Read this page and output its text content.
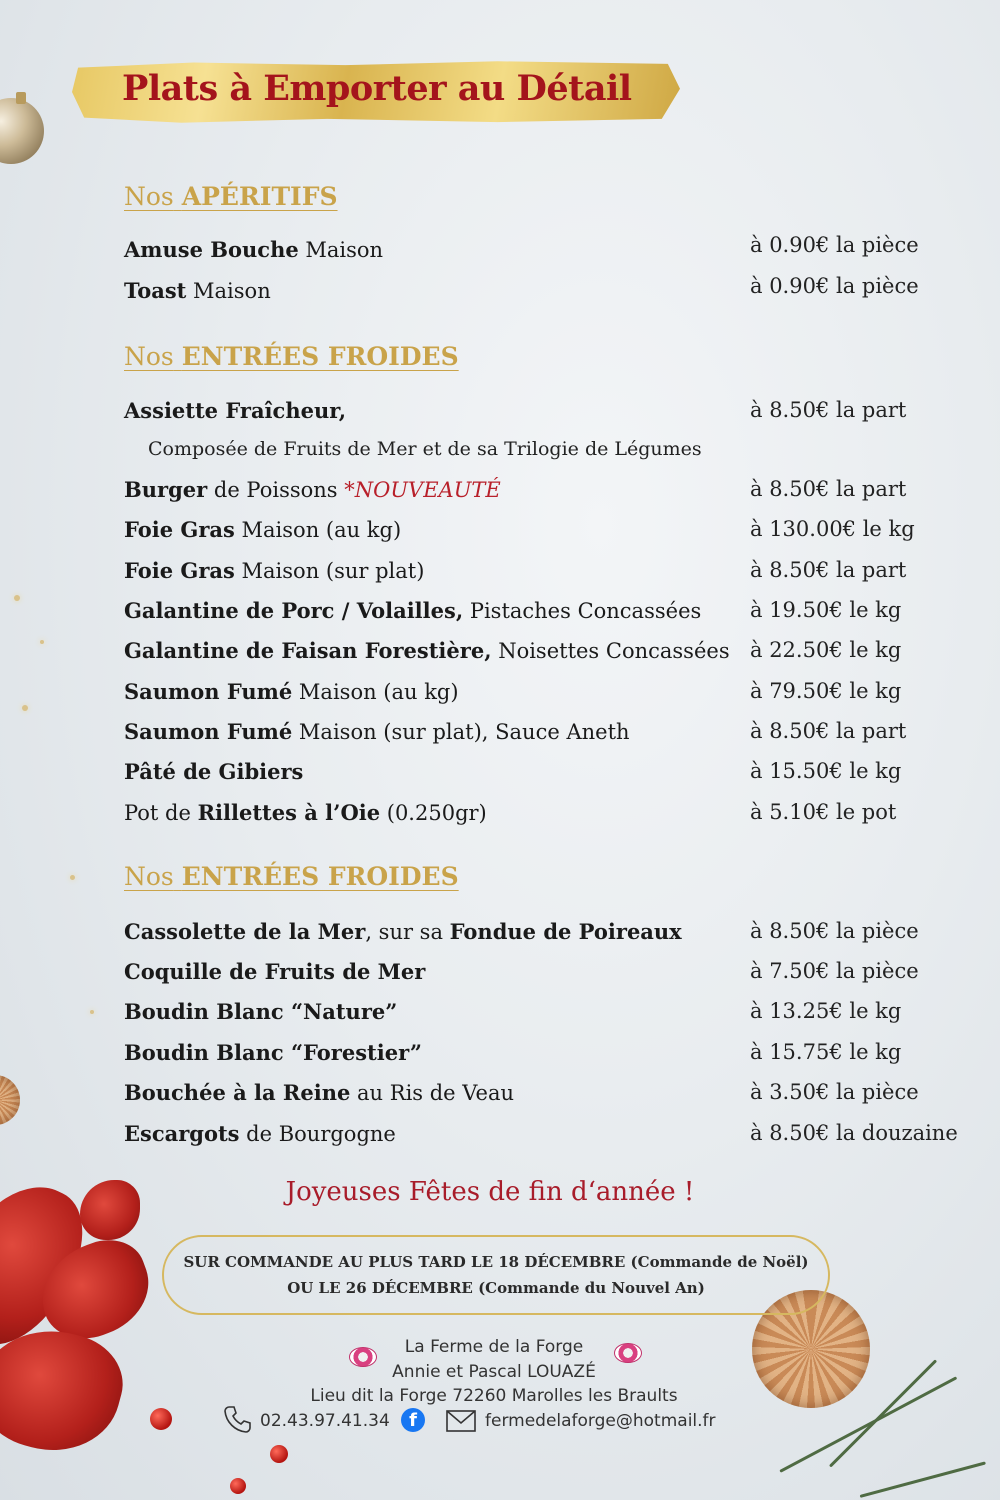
Plats à Emporter au Détail
Nos APÉRITIFS
Amuse Bouche Maison	à 0.90€ la pièce
Toast Maison	à 0.90€ la pièce
Nos ENTRÉES FROIDES
Assiette Fraîcheur,	à 8.50€ la part
Composée de Fruits de Mer et de sa Trilogie de Légumes
Burger de Poissons *NOUVEAUTÉ	à 8.50€ la part
Foie Gras Maison (au kg)	à 130.00€ le kg
Foie Gras Maison (sur plat)	à 8.50€ la part
Galantine de Porc / Volailles, Pistaches Concassées à 19.50€ le kg
Galantine de Faisan Forestière, Noisettes Concassées à 22.50€ le kg
Saumon Fumé Maison (au kg)	à 79.50€ le kg
Saumon Fumé Maison (sur plat), Sauce Aneth	à 8.50€ la part
Pâté de Gibiers	à 15.50€ le kg
Pot de Rillettes à l’Oie (0.250gr)	à 5.10€ le pot
Nos ENTRÉES FROIDES
Cassolette de la Mer, sur sa Fondue de Poireaux	à 8.50€ la pièce
Coquille de Fruits de Mer	à 7.50€ la pièce
Boudin Blanc “Nature”	à 13.25€ le kg
Boudin Blanc “Forestier”	à 15.75€ le kg
Bouchée à la Reine au Ris de Veau	à 3.50€ la pièce
Escargots de Bourgogne	à 8.50€ la douzaine
Joyeuses Fêtes de fin d‘année !

SUR COMMANDE AU PLUS TARD LE 18 DÉCEMBRE (Commande de Noël)

OU LE 26 DÉCEMBRE (Commande du Nouvel An)

La Ferme de la Forge
Annie et Pascal LOUAZÉ
Lieu dit la Forge 72260 Marolles les Braults
02.43.97.41.34	f	fermedelaforge@hotmail.fr
